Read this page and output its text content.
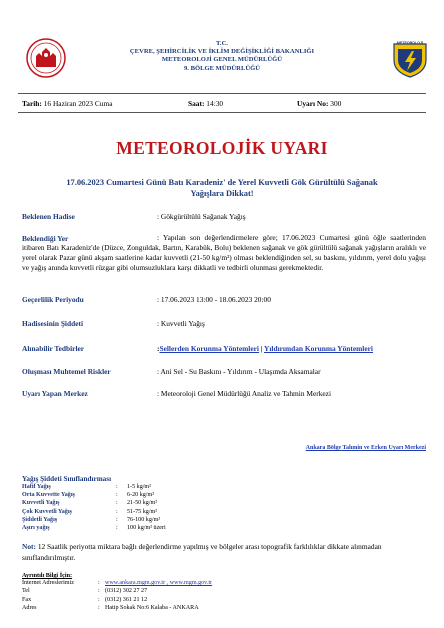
T.C.
ÇEVRE, ŞEHİRCİLİK VE İKLİM DEĞİŞİKLİĞİ BAKANLIĞI
METEOROLOJİ GENEL MÜDÜRLÜĞÜ
9. BÖLGE MÜDÜRLÜĞÜ
METEOROLOJİ
Tarih: 16 Haziran 2023 Cuma	Saat: 14:30	Uyarı No: 300
METEOROLOJİK UYARI
17.06.2023 Cumartesi Günü Batı Karadeniz' de Yerel Kuvvetli Gök Gürültülü Sağanak
Yağışlara Dikkat!
Beklenen Hadise	: Gökgürültülü Sağanak Yağış
Beklendiği Yer	: Yapılan son değerlendirmelere göre; 17.06.2023 Cumartesi günü öğle saatlerinden itibaren Batı Karadeniz'de (Düzce, Zonguldak, Bartın, Karabük, Bolu) beklenen sağanak ve gök gürültülü sağanak yağışların aralıklı ve yerel olarak Pazar günü akşam saatlerine kadar kuvvetli (21-50 kg/m²) olması beklendiğinden sel, su baskını, yıldırım, yerel dolu yağışı ve yağış anında kuvvetli rüzgar gibi olumsuzluklara karşı dikkatli ve tedbirli olunması gerekmektedir.
Geçerlilik Periyodu	: 17.06.2023 13:00 - 18.06.2023 20:00
Hadisesinin Şiddeti	: Kuvvetli Yağış
Alınabilir Tedbirler	:Sellerden Korunma Yöntemleri | Yıldırımdan Korunma Yöntemleri
Oluşması Muhtemel Riskler	: Ani Sel - Su Baskını - Yıldırım - Ulaşımda Aksamalar
Uyarı Yapan Merkez	: Meteoroloji Genel Müdürlüğü Analiz ve Tahmin Merkezi
Ankara Bölge Tahmin ve Erken Uyarı Merkezi
Yağış Şiddeti Sınıflandırması
Hafif Yağış	: 1-5 kg/m²
Orta Kuvvette Yağış	: 6-20 kg/m²
Kuvvetli Yağış	: 21-50 kg/m²
Çok Kuvvetli Yağış	: 51-75 kg/m²
Şiddetli Yağış	: 76-100 kg/m²
Aşırı yağış	: 100 kg/m² üzeri
Not: 12 Saatlik periyotta miktara bağlı değerlendirme yapılmış ve bölgeler arası topografik farklılıklar dikkate alınmadan sınıflandırılmıştır.
Ayrıntılı Bilgi İçin:
İnternet Adreslerimiz	: www.ankara.mgm.gov.tr , www.mgm.gov.tr
Tel	: (0312) 302 27 27
Fax	: (0312) 361 21 12
Adres	: Hatip Sokak No:6 Kalaba - ANKARA
